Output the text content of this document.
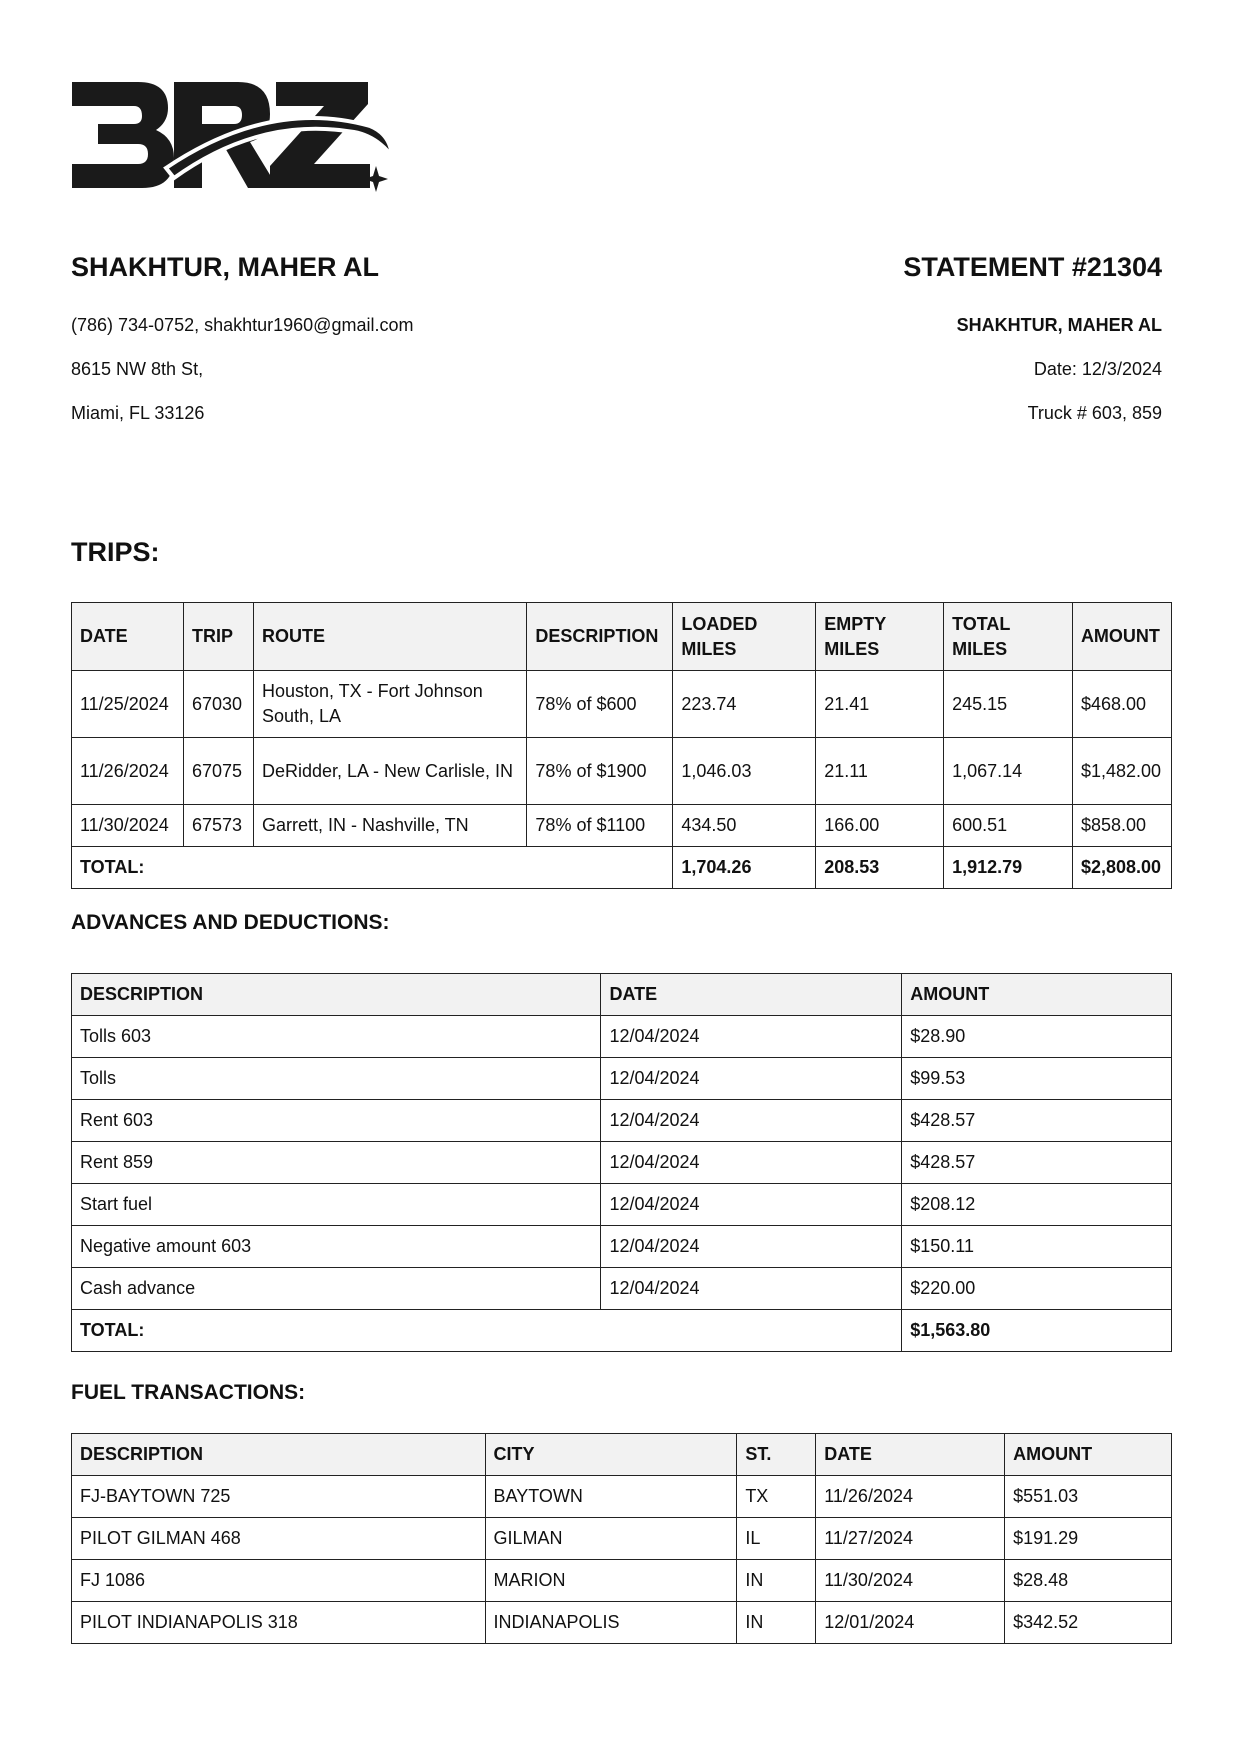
SHAKHTUR, MAHER AL	STATEMENT #21304
(786) 734-0752, shakhtur1960@gmail.com
8615 NW 8th St,
Miami, FL 33126
SHAKHTUR, MAHER AL
Date: 12/3/2024
Truck # 603, 859
TRIPS:
DATE	TRIP	ROUTE	DESCRIPTION	LOADED MILES	EMPTY MILES	TOTAL MILES	AMOUNT
11/25/2024	67030	Houston, TX - Fort Johnson South, LA	78% of $600	223.74	21.41	245.15	$468.00
11/26/2024	67075	DeRidder, LA - New Carlisle, IN	78% of $1900	1,046.03	21.11	1,067.14	$1,482.00
11/30/2024	67573	Garrett, IN - Nashville, TN	78% of $1100	434.50	166.00	600.51	$858.00
TOTAL:				1,704.26	208.53	1,912.79	$2,808.00
ADVANCES AND DEDUCTIONS:
DESCRIPTION	DATE	AMOUNT
Tolls 603	12/04/2024	$28.90
Tolls	12/04/2024	$99.53
Rent 603	12/04/2024	$428.57
Rent 859	12/04/2024	$428.57
Start fuel	12/04/2024	$208.12
Negative amount 603	12/04/2024	$150.11
Cash advance	12/04/2024	$220.00
TOTAL:		$1,563.80
FUEL TRANSACTIONS:
DESCRIPTION	CITY	ST.	DATE	AMOUNT
FJ-BAYTOWN 725	BAYTOWN	TX	11/26/2024	$551.03
PILOT GILMAN 468	GILMAN	IL	11/27/2024	$191.29
FJ 1086	MARION	IN	11/30/2024	$28.48
PILOT INDIANAPOLIS 318	INDIANAPOLIS	IN	12/01/2024	$342.52
